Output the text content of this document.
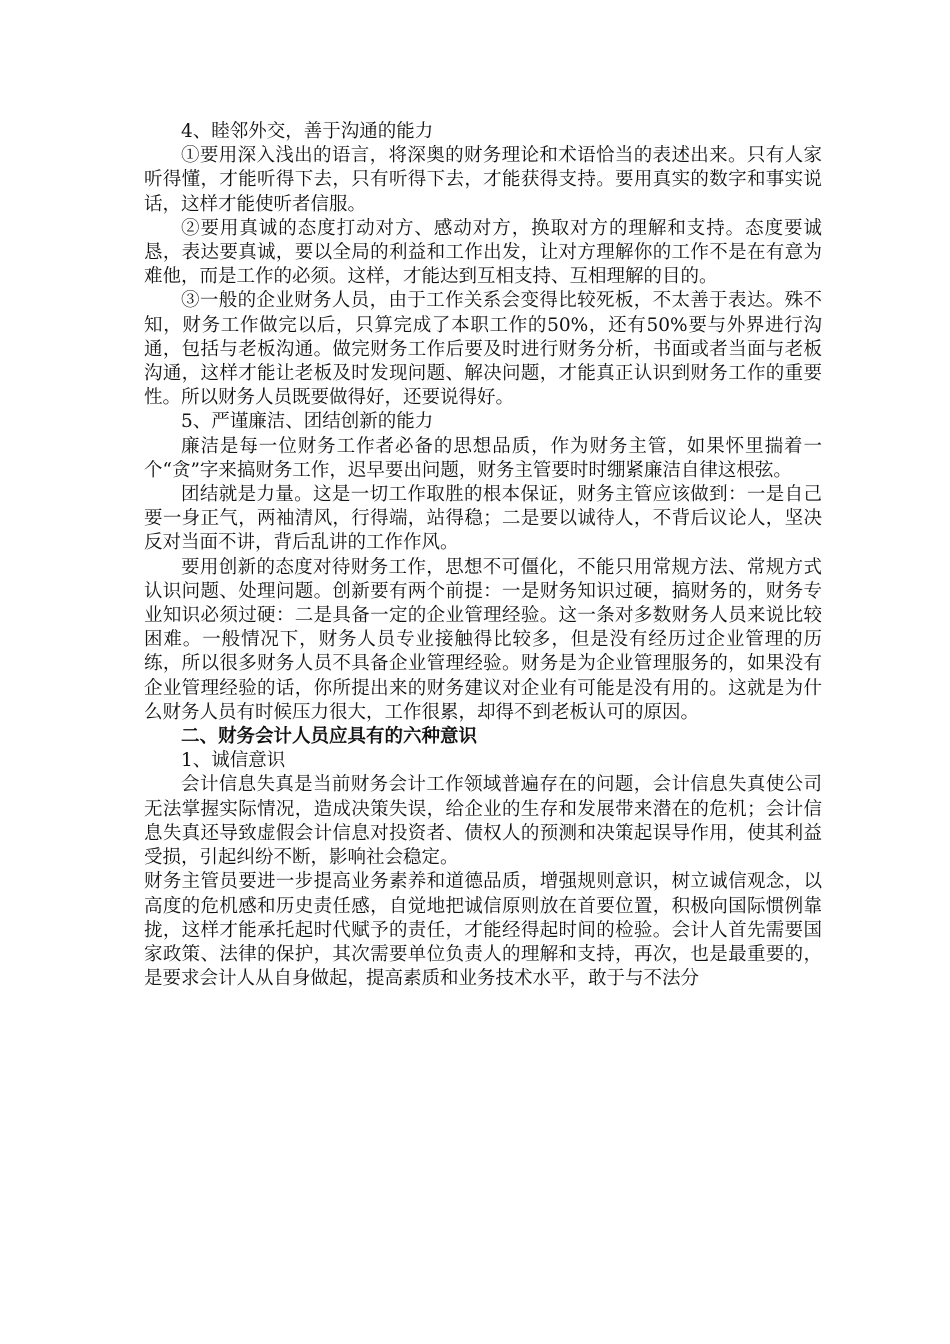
4、睦邻外交，善于沟通的能力

①要用深入浅出的语言，将深奥的财务理论和术语恰当的表述出来。只有人家听得懂，才能听得下去，只有听得下去，才能获得支持。要用真实的数字和事实说话，这样才能使听者信服。

②要用真诚的态度打动对方、感动对方，换取对方的理解和支持。态度要诚恳，表达要真诚，要以全局的利益和工作出发，让对方理解你的工作不是在有意为难他，而是工作的必须。这样，才能达到互相支持、互相理解的目的。

③一般的企业财务人员，由于工作关系会变得比较死板，不太善于表达。殊不知，财务工作做完以后，只算完成了本职工作的50%，还有50%要与外界进行沟通，包括与老板沟通。做完财务工作后要及时进行财务分析，书面或者当面与老板沟通，这样才能让老板及时发现问题、解决问题，才能真正认识到财务工作的重要性。所以财务人员既要做得好，还要说得好。

5、严谨廉洁、团结创新的能力

廉洁是每一位财务工作者必备的思想品质，作为财务主管，如果怀里揣着一个“贪”字来搞财务工作，迟早要出问题，财务主管要时时绷紧廉洁自律这根弦。

团结就是力量。这是一切工作取胜的根本保证，财务主管应该做到：一是自己要一身正气，两袖清风，行得端，站得稳；二是要以诚待人，不背后议论人，坚决反对当面不讲，背后乱讲的工作作风。

要用创新的态度对待财务工作，思想不可僵化，不能只用常规方法、常规方式认识问题、处理问题。创新要有两个前提：一是财务知识过硬，搞财务的，财务专业知识必须过硬：二是具备一定的企业管理经验。这一条对多数财务人员来说比较困难。一般情况下，财务人员专业接触得比较多，但是没有经历过企业管理的历练，所以很多财务人员不具备企业管理经验。财务是为企业管理服务的，如果没有企业管理经验的话，你所提出来的财务建议对企业有可能是没有用的。这就是为什么财务人员有时候压力很大，工作很累，却得不到老板认可的原因。

二、财务会计人员应具有的六种意识

1、诚信意识

会计信息失真是当前财务会计工作领域普遍存在的问题，会计信息失真使公司无法掌握实际情况，造成决策失误，给企业的生存和发展带来潜在的危机；会计信息失真还导致虚假会计信息对投资者、债权人的预测和决策起误导作用，使其利益受损，引起纠纷不断，影响社会稳定。

财务主管员要进一步提高业务素养和道德品质，增强规则意识，树立诚信观念，以高度的危机感和历史责任感，自觉地把诚信原则放在首要位置，积极向国际惯例靠拢，这样才能承托起时代赋予的责任，才能经得起时间的检验。会计人首先需要国家政策、法律的保护，其次需要单位负责人的理解和支持，再次，也是最重要的，是要求会计人从自身做起，提高素质和业务技术水平，敢于与不法分
